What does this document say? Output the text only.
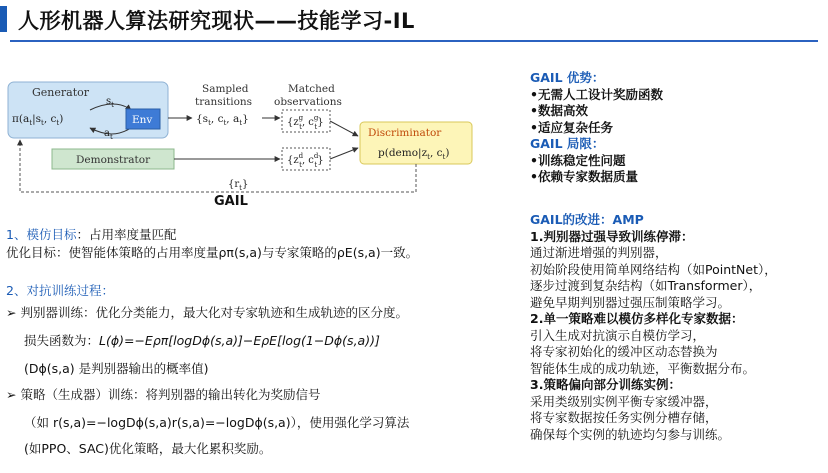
人形机器人算法研究现状——技能学习-IL
Generator
$\pi(a_t|s_t$, $c_t$)
$s_t$
$a_t$
Env
Sampled
transitions
{$s_t$, $c_t$, $a_t$}
Matched
observations
{$z^g$ t, $c^g$ t}
{$z^d$ t, $c^d$ t}
Demonstrator
Discriminator
$p(demo|z_t$, $c_t$)
$\{r_t\}$
GAIL
1、模仿目标：占用率度量匹配
优化目标：使智能体策略的占用率度量ρπ(s,a)与专家策略的ρE(s,a)一致。
2、对抗训练过程：
➢ 判别器训练：优化分类能力，最大化对专家轨迹和生成轨迹的区分度。
损失函数为：L(ϕ)=−Eρπ[logDϕ(s,a)]−EρE[log(1−Dϕ(s,a))]
(Dϕ(s,a) 是判别器输出的概率值)
➢ 策略（生成器）训练：将判别器的输出转化为奖励信号
（如 r(s,a)=−logDϕ(s,a)r(s,a)=−logDϕ(s,a)），使用强化学习算法
(如PPO、SAC)优化策略，最大化累积奖励。
GAIL 优势：
•无需人工设计奖励函数
•数据高效
•适应复杂任务
GAIL 局限：
•训练稳定性问题
•依赖专家数据质量
GAIL的改进：AMP
1.判别器过强导致训练停滞：
通过渐进增强的判别器，
初始阶段使用简单网络结构（如PointNet），
逐步过渡到复杂结构（如Transformer），
避免早期判别器过强压制策略学习。
2.单一策略难以模仿多样化专家数据：
引入生成对抗演示自模仿学习，
将专家初始化的缓冲区动态替换为
智能体生成的成功轨迹，平衡数据分布。
3.策略偏向部分训练实例：
采用类级别实例平衡专家缓冲器，
将专家数据按任务实例分槽存储，
确保每个实例的轨迹均匀参与训练。
